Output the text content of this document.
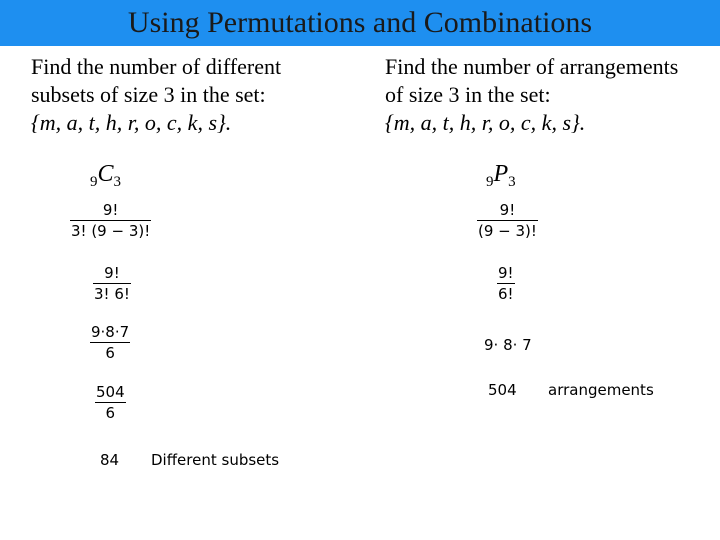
Using Permutations and Combinations
Find the number of different
subsets of size 3 in the set:
{m, a, t, h, r, o, c, k, s}.
$_9C_3$
9!
3! (9 − 3)!
9!
3! 6!
9·8·7
6
504
6
84 Different subsets
Find the number of arrangements
of size 3 in the set:
{m, a, t, h, r, o, c, k, s}.
$_9P_3$
9!
(9 − 3)!
9!
6!
9· 8· 7
504 arrangements
